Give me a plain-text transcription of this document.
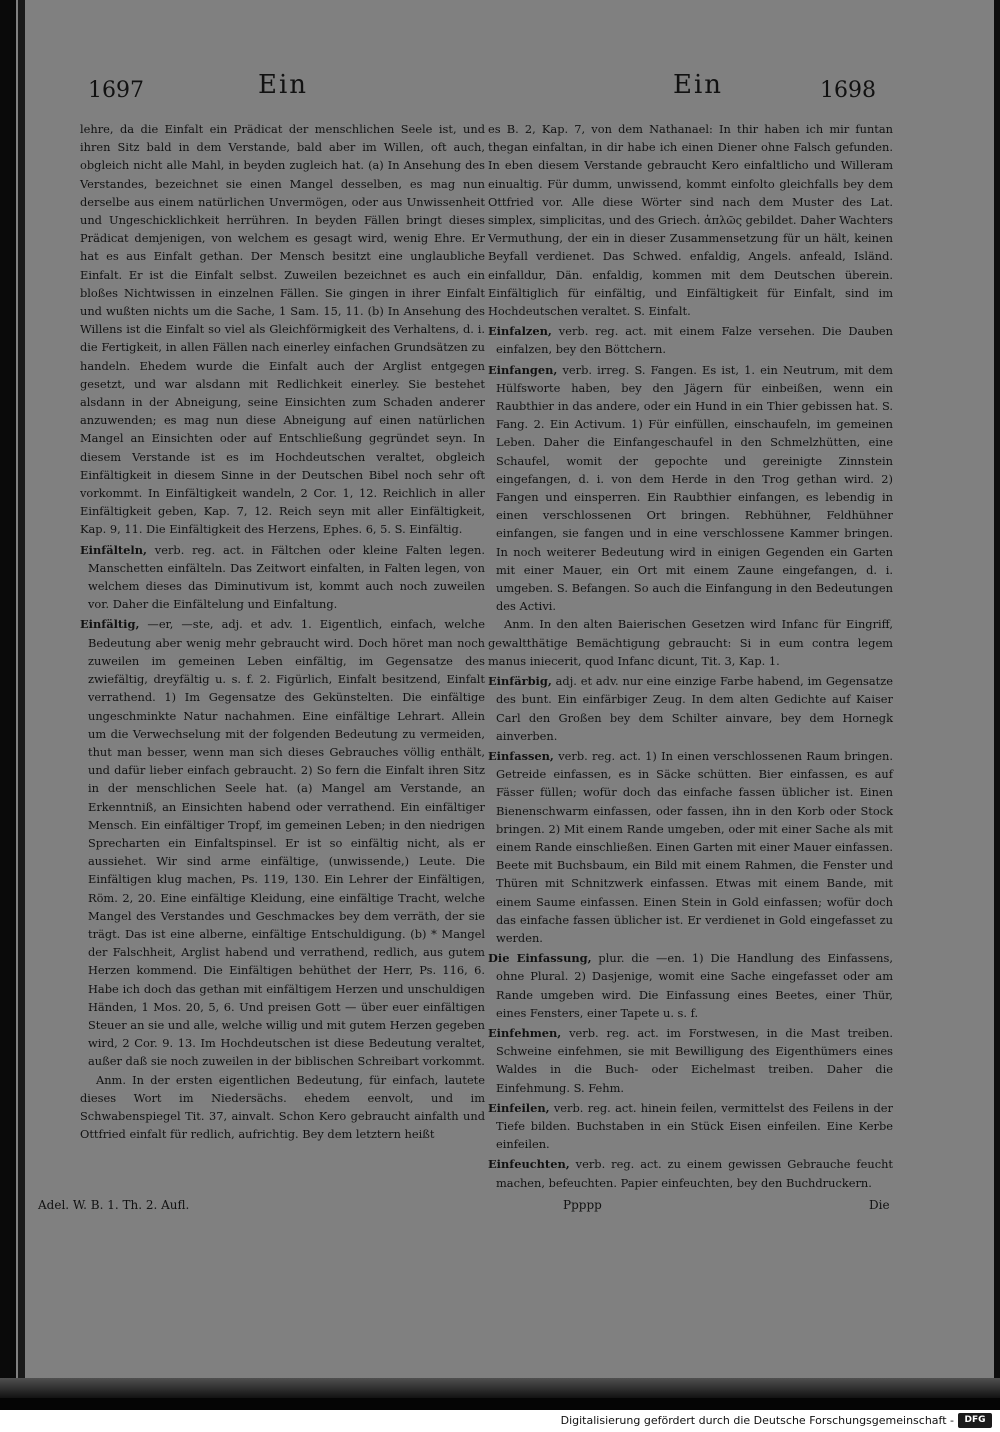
1697	Ein	Ein	1698

lehre, da die Einfalt ein Prädicat der menschlichen Seele ist, und ihren Sitz bald in dem Verstande, bald aber im Willen, oft auch, obgleich nicht alle Mahl, in beyden zugleich hat. (a) In Ansehung des Verstandes, bezeichnet sie einen Mangel desselben, es mag nun derselbe aus einem natürlichen Unvermögen, oder aus Unwissenheit und Ungeschicklichkeit herrühren. In beyden Fällen bringt dieses Prädicat demjenigen, von welchem es gesagt wird, wenig Ehre. Er hat es aus Einfalt gethan. Der Mensch besitzt eine unglaubliche Einfalt. Er ist die Einfalt selbst. Zuweilen bezeichnet es auch ein bloßes Nichtwissen in einzelnen Fällen. Sie gingen in ihrer Einfalt und wußten nichts um die Sache, 1 Sam. 15, 11. (b) In Ansehung des Willens ist die Einfalt so viel als Gleichförmigkeit des Verhaltens, d. i. die Fertigkeit, in allen Fällen nach einerley einfachen Grundsätzen zu handeln. Ehedem wurde die Einfalt auch der Arglist entgegen gesetzt, und war alsdann mit Redlichkeit einerley. Sie bestehet alsdann in der Abneigung, seine Einsichten zum Schaden anderer anzuwenden; es mag nun diese Abneigung auf einen natürlichen Mangel an Einsichten oder auf Entschließung gegründet seyn. In diesem Verstande ist es im Hochdeutschen veraltet, obgleich Einfältigkeit in diesem Sinne in der Deutschen Bibel noch sehr oft vorkommt. In Einfältigkeit wandeln, 2 Cor. 1, 12. Reichlich in aller Einfältigkeit geben, Kap. 7, 12. Reich seyn mit aller Einfältigkeit, Kap. 9, 11. Die Einfältigkeit des Herzens, Ephes. 6, 5. S. Einfältig.

Einfälteln, verb. reg. act. in Fältchen oder kleine Falten legen. Manschetten einfälteln. Das Zeitwort einfalten, in Falten legen, von welchem dieses das Diminutivum ist, kommt auch noch zuweilen vor. Daher die Einfältelung und Einfaltung.

Einfältig, —er, —ste, adj. et adv. 1. Eigentlich, einfach, welche Bedeutung aber wenig mehr gebraucht wird. Doch höret man noch zuweilen im gemeinen Leben einfältig, im Gegensatze des zwiefältig, dreyfältig u. s. f. 2. Figürlich, Einfalt besitzend, Einfalt verrathend. 1) Im Gegensatze des Gekünstelten. Die einfältige ungeschminkte Natur nachahmen. Eine einfältige Lehrart. Allein um die Verwechselung mit der folgenden Bedeutung zu vermeiden, thut man besser, wenn man sich dieses Gebrauches völlig enthält, und dafür lieber einfach gebraucht. 2) So fern die Einfalt ihren Sitz in der menschlichen Seele hat. (a) Mangel am Verstande, an Erkenntniß, an Einsichten habend oder verrathend. Ein einfältiger Mensch. Ein einfältiger Tropf, im gemeinen Leben; in den niedrigen Sprecharten ein Einfaltspinsel. Er ist so einfältig nicht, als er aussiehet. Wir sind arme einfältige, (unwissende,) Leute. Die Einfältigen klug machen, Ps. 119, 130. Ein Lehrer der Einfältigen, Röm. 2, 20. Eine einfältige Kleidung, eine einfältige Tracht, welche Mangel des Verstandes und Geschmackes bey dem verräth, der sie trägt. Das ist eine alberne, einfältige Entschuldigung. (b) * Mangel der Falschheit, Arglist habend und verrathend, redlich, aus gutem Herzen kommend. Die Einfältigen behüthet der Herr, Ps. 116, 6. Habe ich doch das gethan mit einfältigem Herzen und unschuldigen Händen, 1 Mos. 20, 5, 6. Und preisen Gott — über euer einfältigen Steuer an sie und alle, welche willig und mit gutem Herzen gegeben wird, 2 Cor. 9. 13. Im Hochdeutschen ist diese Bedeutung veraltet, außer daß sie noch zuweilen in der biblischen Schreibart vorkommt.

Anm. In der ersten eigentlichen Bedeutung, für einfach, lautete dieses Wort im Niedersächs. ehedem eenvolt, und im Schwabenspiegel Tit. 37, ainvalt. Schon Kero gebraucht ainfalth und Ottfried einfalt für redlich, aufrichtig. Bey dem letztern heißt

es B. 2, Kap. 7, von dem Nathanael: In thir haben ich mir funtan thegan einfaltan, in dir habe ich einen Diener ohne Falsch gefunden. In eben diesem Verstande gebraucht Kero einfaltlicho und Willeram einualtig. Für dumm, unwissend, kommt einfolto gleichfalls bey dem Ottfried vor. Alle diese Wörter sind nach dem Muster des Lat. simplex, simplicitas, und des Griech. ἁπλῶς gebildet. Daher Wachters Vermuthung, der ein in dieser Zusammensetzung für un hält, keinen Beyfall verdienet. Das Schwed. enfaldig, Angels. anfeald, Isländ. einfalldur, Dän. enfaldig, kommen mit dem Deutschen überein. Einfältiglich für einfältig, und Einfältigkeit für Einfalt, sind im Hochdeutschen veraltet. S. Einfalt.

Einfalzen, verb. reg. act. mit einem Falze versehen. Die Dauben einfalzen, bey den Böttchern.

Einfangen, verb. irreg. S. Fangen. Es ist, 1. ein Neutrum, mit dem Hülfsworte haben, bey den Jägern für einbeißen, wenn ein Raubthier in das andere, oder ein Hund in ein Thier gebissen hat. S. Fang. 2. Ein Activum. 1) Für einfüllen, einschaufeln, im gemeinen Leben. Daher die Einfangeschaufel in den Schmelzhütten, eine Schaufel, womit der gepochte und gereinigte Zinnstein eingefangen, d. i. von dem Herde in den Trog gethan wird. 2) Fangen und einsperren. Ein Raubthier einfangen, es lebendig in einen verschlossenen Ort bringen. Rebhühner, Feldhühner einfangen, sie fangen und in eine verschlossene Kammer bringen. In noch weiterer Bedeutung wird in einigen Gegenden ein Garten mit einer Mauer, ein Ort mit einem Zaune eingefangen, d. i. umgeben. S. Befangen. So auch die Einfangung in den Bedeutungen des Activi.

Anm. In den alten Baierischen Gesetzen wird Infanc für Eingriff, gewaltthätige Bemächtigung gebraucht: Si in eum contra legem manus iniecerit, quod Infanc dicunt, Tit. 3, Kap. 1.

Einfärbig, adj. et adv. nur eine einzige Farbe habend, im Gegensatze des bunt. Ein einfärbiger Zeug. In dem alten Gedichte auf Kaiser Carl den Großen bey dem Schilter ainvare, bey dem Hornegk ainverben.

Einfassen, verb. reg. act. 1) In einen verschlossenen Raum bringen. Getreide einfassen, es in Säcke schütten. Bier einfassen, es auf Fässer füllen; wofür doch das einfache fassen üblicher ist. Einen Bienenschwarm einfassen, oder fassen, ihn in den Korb oder Stock bringen. 2) Mit einem Rande umgeben, oder mit einer Sache als mit einem Rande einschließen. Einen Garten mit einer Mauer einfassen. Beete mit Buchsbaum, ein Bild mit einem Rahmen, die Fenster und Thüren mit Schnitzwerk einfassen. Etwas mit einem Bande, mit einem Saume einfassen. Einen Stein in Gold einfassen; wofür doch das einfache fassen üblicher ist. Er verdienet in Gold eingefasset zu werden.

Die Einfassung, plur. die —en. 1) Die Handlung des Einfassens, ohne Plural. 2) Dasjenige, womit eine Sache eingefasset oder am Rande umgeben wird. Die Einfassung eines Beetes, einer Thür, eines Fensters, einer Tapete u. s. f.

Einfehmen, verb. reg. act. im Forstwesen, in die Mast treiben. Schweine einfehmen, sie mit Bewilligung des Eigenthümers eines Waldes in die Buch- oder Eichelmast treiben. Daher die Einfehmung. S. Fehm.

Einfeilen, verb. reg. act. hinein feilen, vermittelst des Feilens in der Tiefe bilden. Buchstaben in ein Stück Eisen einfeilen. Eine Kerbe einfeilen.

Einfeuchten, verb. reg. act. zu einem gewissen Gebrauche feucht machen, befeuchten. Papier einfeuchten, bey den Buchdruckern.

Adel. W. B. 1. Th. 2. Aufl.	Ppppp	Die
Digitalisierung gefördert durch die Deutsche Forschungsgemeinschaft -	DFG
